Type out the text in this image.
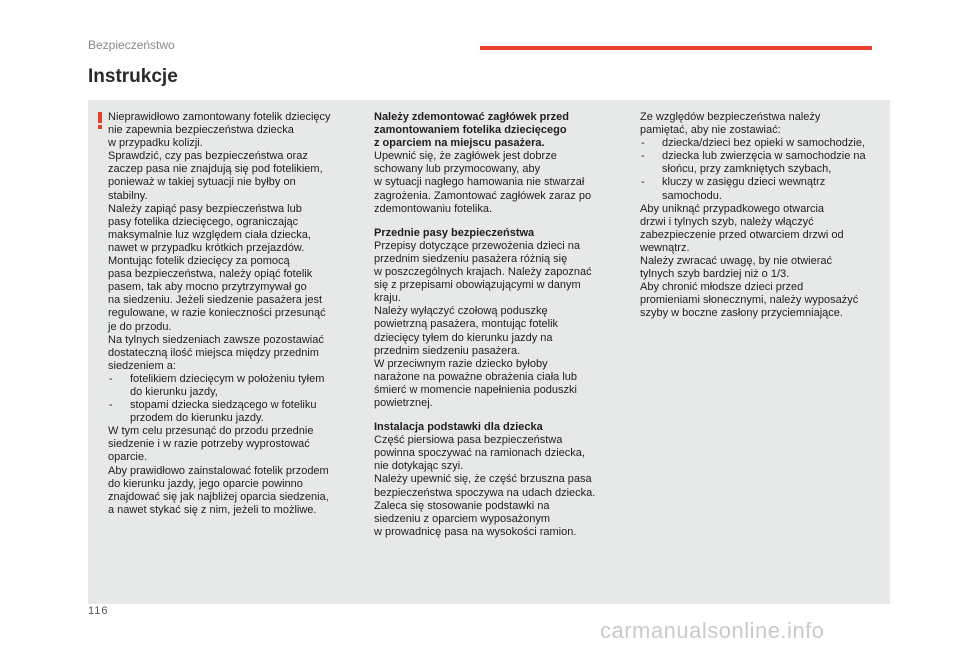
Bezpieczeństwo
Instrukcje

Nieprawidłowo zamontowany fotelik dziecięcy

nie zapewnia bezpieczeństwa dziecka

w przypadku kolizji.

Sprawdzić, czy pas bezpieczeństwa oraz

zaczep pasa nie znajdują się pod fotelikiem,

ponieważ w takiej sytuacji nie byłby on

stabilny.

Należy zapiąć pasy bezpieczeństwa lub

pasy fotelika dziecięcego, ograniczając

maksymalnie luz względem ciała dziecka,

nawet w przypadku krótkich przejazdów.

Montując fotelik dziecięcy za pomocą

pasa bezpieczeństwa, należy opiąć fotelik

pasem, tak aby mocno przytrzymywał go

na siedzeniu. Jeżeli siedzenie pasażera jest

regulowane, w razie konieczności przesunąć

je do przodu.

Na tylnych siedzeniach zawsze pozostawiać

dostateczną ilość miejsca między przednim

siedzeniem a:

- fotelikiem dziecięcym w położeniu tyłem

do kierunku jazdy,

- stopami dziecka siedzącego w foteliku

przodem do kierunku jazdy.

W tym celu przesunąć do przodu przednie

siedzenie i w razie potrzeby wyprostować

oparcie.

Aby prawidłowo zainstalować fotelik przodem

do kierunku jazdy, jego oparcie powinno

znajdować się jak najbliżej oparcia siedzenia,

a nawet stykać się z nim, jeżeli to możliwe.

Należy zdemontować zagłówek przed

zamontowaniem fotelika dziecięcego

z oparciem na miejscu pasażera.

Upewnić się, że zagłówek jest dobrze

schowany lub przymocowany, aby

w sytuacji nagłego hamowania nie stwarzał

zagrożenia. Zamontować zagłówek zaraz po

zdemontowaniu fotelika.

Przednie pasy bezpieczeństwa

Przepisy dotyczące przewożenia dzieci na

przednim siedzeniu pasażera różnią się

w poszczególnych krajach. Należy zapoznać

się z przepisami obowiązującymi w danym

kraju.

Należy wyłączyć czołową poduszkę

powietrzną pasażera, montując fotelik

dziecięcy tyłem do kierunku jazdy na

przednim siedzeniu pasażera.

W przeciwnym razie dziecko byłoby

narażone na poważne obrażenia ciała lub

śmierć w momencie napełnienia poduszki

powietrznej.

Instalacja podstawki dla dziecka

Część piersiowa pasa bezpieczeństwa

powinna spoczywać na ramionach dziecka,

nie dotykając szyi.

Należy upewnić się, że część brzuszna pasa

bezpieczeństwa spoczywa na udach dziecka.

Zaleca się stosowanie podstawki na

siedzeniu z oparciem wyposażonym

w prowadnicę pasa na wysokości ramion.

Ze względów bezpieczeństwa należy

pamiętać, aby nie zostawiać:

- dziecka/dzieci bez opieki w samochodzie,

- dziecka lub zwierzęcia w samochodzie na

słońcu, przy zamkniętych szybach,

- kluczy w zasięgu dzieci wewnątrz

samochodu.

Aby uniknąć przypadkowego otwarcia

drzwi i tylnych szyb, należy włączyć

zabezpieczenie przed otwarciem drzwi od

wewnątrz.

Należy zwracać uwagę, by nie otwierać

tylnych szyb bardziej niż o 1/3.

Aby chronić młodsze dzieci przed

promieniami słonecznymi, należy wyposażyć

szyby w boczne zasłony przyciemniające.

116
carmanualsonline.info
